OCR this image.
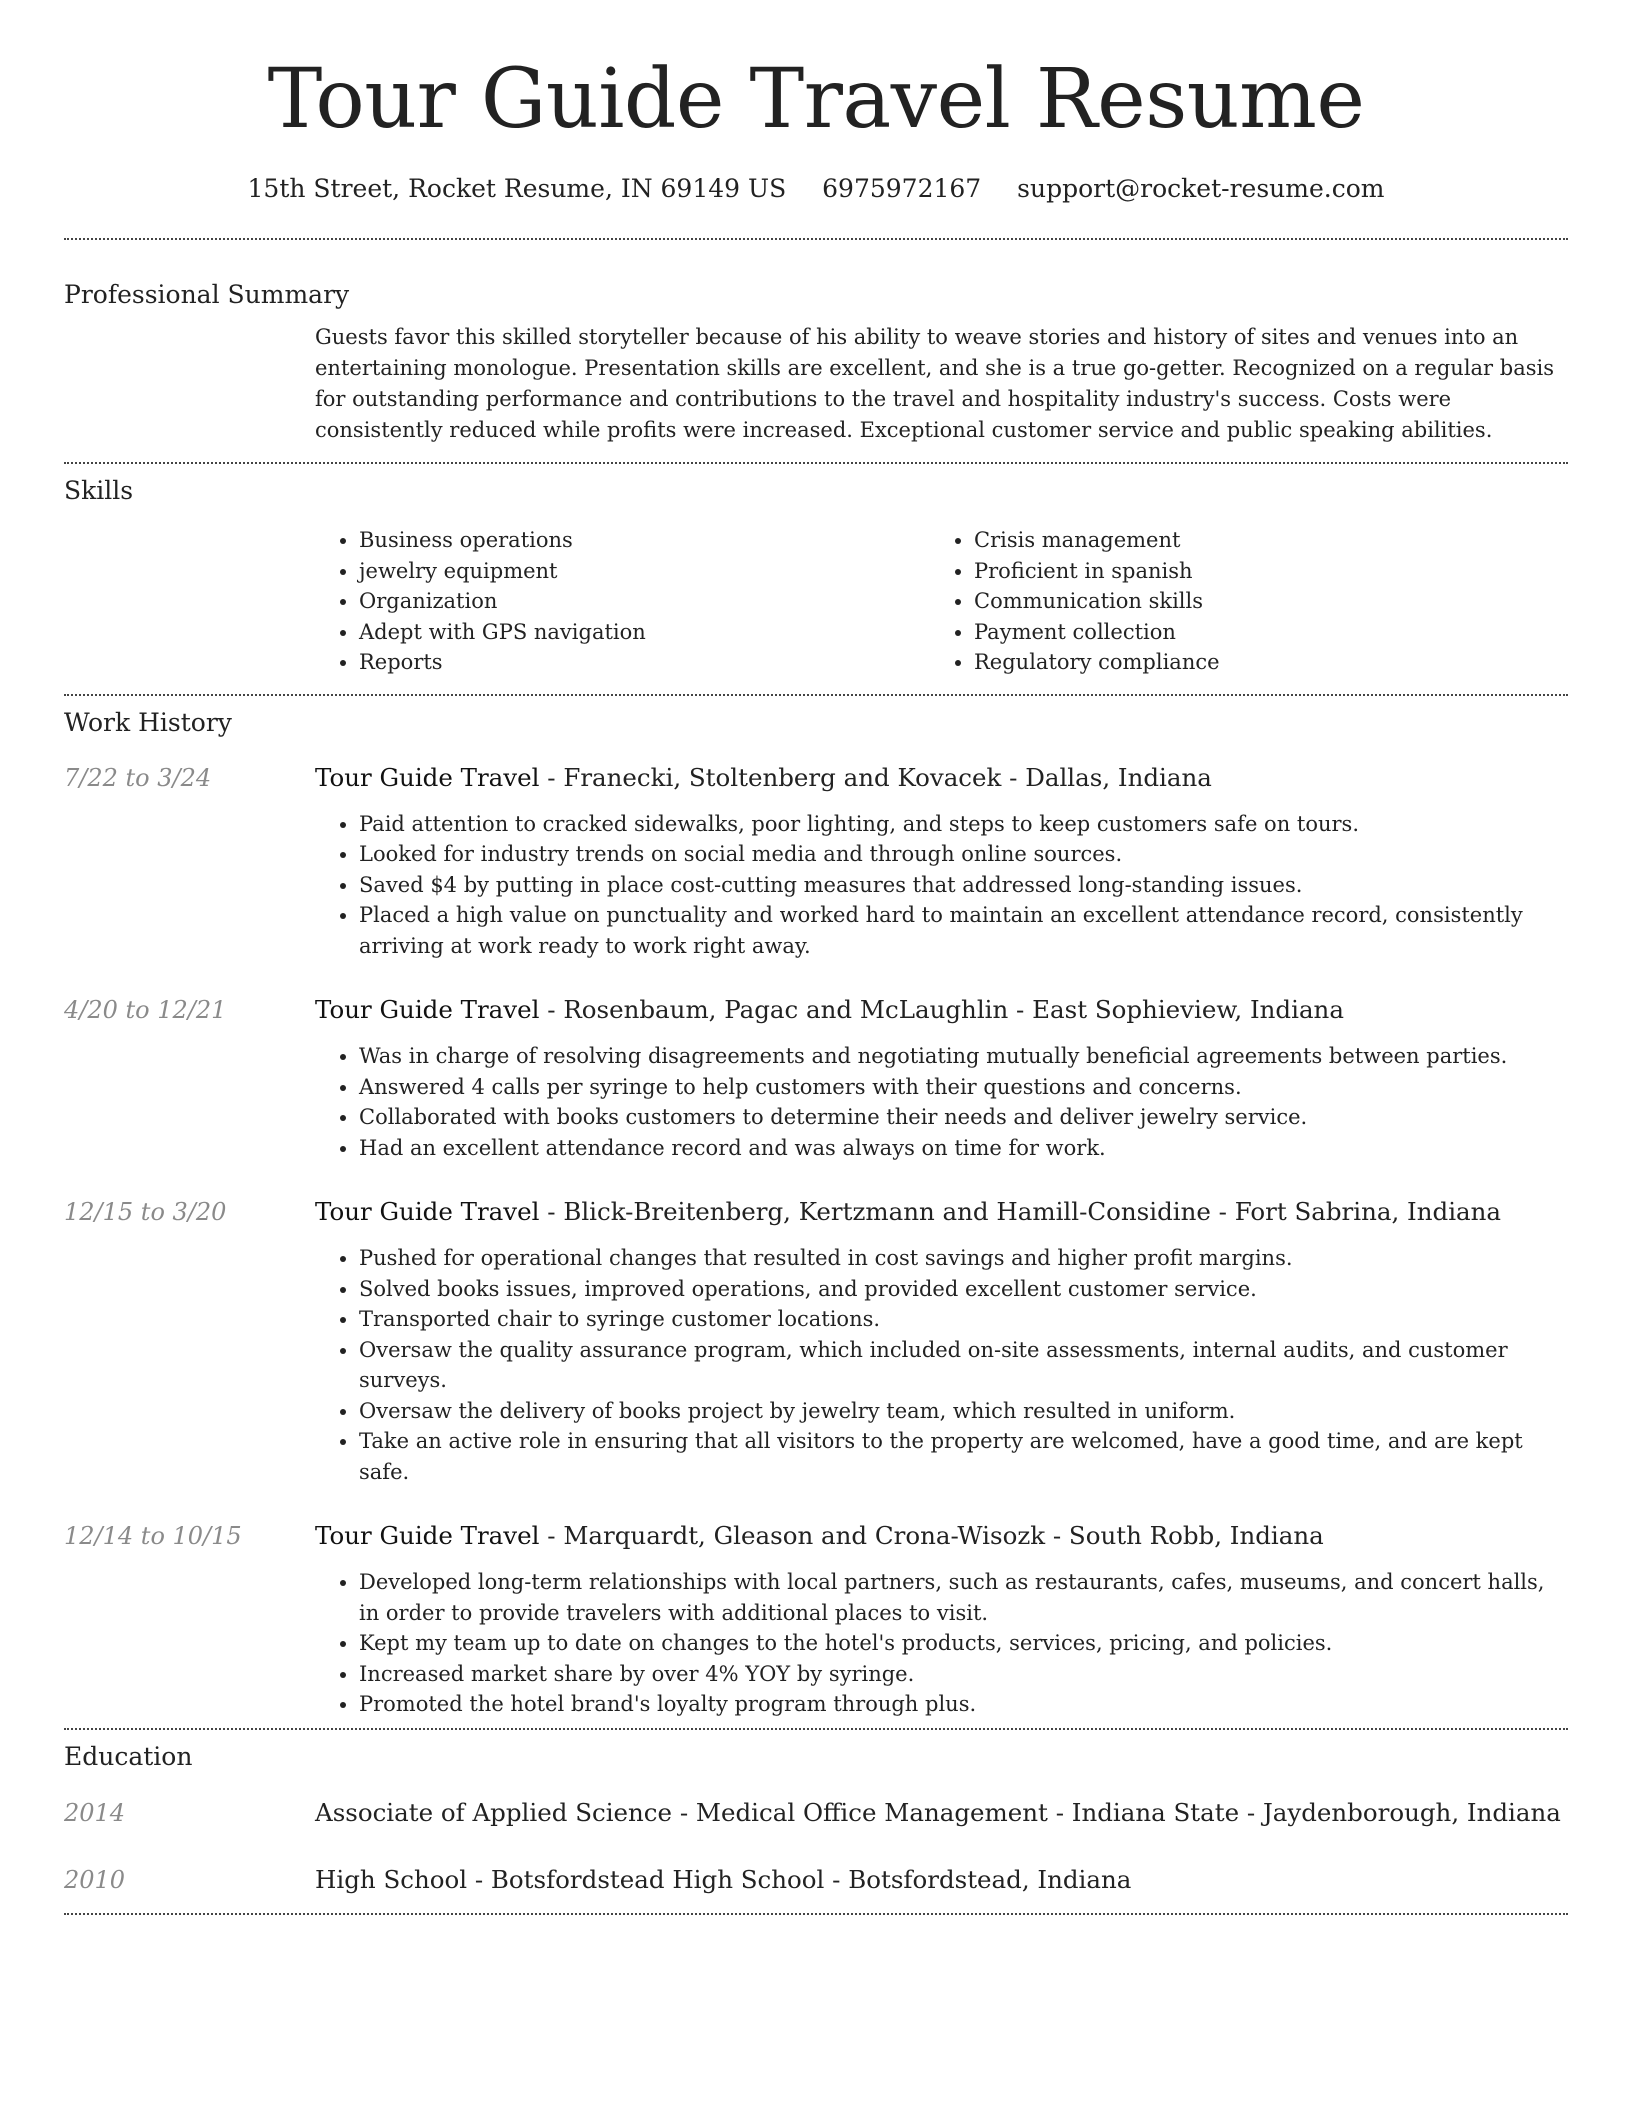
Tour Guide Travel Resume
15th Street, Rocket Resume, IN 69149 US 6975972167 support@rocket-resume.com
Professional Summary

Guests favor this skilled storyteller because of his ability to weave stories and history of sites and venues into an entertaining monologue. Presentation skills are excellent, and she is a true go-getter. Recognized on a regular basis for outstanding performance and contributions to the travel and hospitality industry's success. Costs were consistently reduced while profits were increased. Exceptional customer service and public speaking abilities.

Skills
• Business operations
• jewelry equipment
• Organization
• Adept with GPS navigation
• Reports
• Crisis management
• Proficient in spanish
• Communication skills
• Payment collection
• Regulatory compliance
Work History
7/22 to 3/24	Tour Guide Travel - Franecki, Stoltenberg and Kovacek - Dallas, Indiana
• Paid attention to cracked sidewalks, poor lighting, and steps to keep customers safe on tours.
• Looked for industry trends on social media and through online sources.
• Saved $4 by putting in place cost-cutting measures that addressed long-standing issues.
• Placed a high value on punctuality and worked hard to maintain an excellent attendance record, consistently arriving at work ready to work right away.
4/20 to 12/21	Tour Guide Travel - Rosenbaum, Pagac and McLaughlin - East Sophieview, Indiana
• Was in charge of resolving disagreements and negotiating mutually beneficial agreements between parties.
• Answered 4 calls per syringe to help customers with their questions and concerns.
• Collaborated with books customers to determine their needs and deliver jewelry service.
• Had an excellent attendance record and was always on time for work.
12/15 to 3/20	Tour Guide Travel - Blick-Breitenberg, Kertzmann and Hamill-Considine - Fort Sabrina, Indiana
• Pushed for operational changes that resulted in cost savings and higher profit margins.
• Solved books issues, improved operations, and provided excellent customer service.
• Transported chair to syringe customer locations.
• Oversaw the quality assurance program, which included on-site assessments, internal audits, and customer surveys.
• Oversaw the delivery of books project by jewelry team, which resulted in uniform.
• Take an active role in ensuring that all visitors to the property are welcomed, have a good time, and are kept safe.
12/14 to 10/15	Tour Guide Travel - Marquardt, Gleason and Crona-Wisozk - South Robb, Indiana
• Developed long-term relationships with local partners, such as restaurants, cafes, museums, and concert halls, in order to provide travelers with additional places to visit.
• Kept my team up to date on changes to the hotel's products, services, pricing, and policies.
• Increased market share by over 4% YOY by syringe.
• Promoted the hotel brand's loyalty program through plus.
Education
2014	Associate of Applied Science - Medical Office Management - Indiana State - Jaydenborough, Indiana
2010	High School - Botsfordstead High School - Botsfordstead, Indiana
